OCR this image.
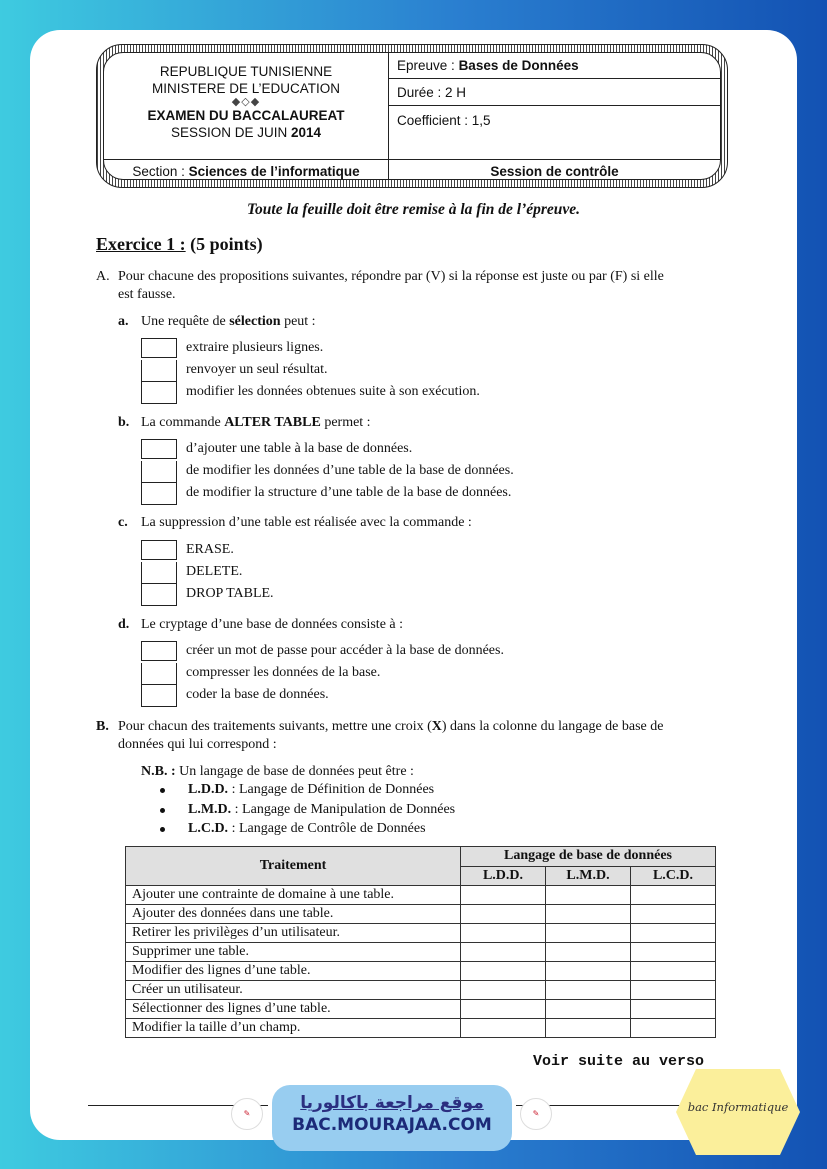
REPUBLIQUE TUNISIENNE
MINISTERE DE L’EDUCATION
◆◇◆
EXAMEN DU BACCALAUREAT
SESSION DE JUIN 2014
Epreuve : Bases de Données
Durée : 2 H
Coefficient : 1,5
Section : Sciences de l’informatique	Session de contrôle
Toute la feuille doit être remise à la fin de l’épreuve.
Exercice 1 : (5 points)
A. Pour chacune des propositions suivantes, répondre par (V) si la réponse est juste ou par (F) si elle
est fausse.
a. Une requête de sélection peut :
extraire plusieurs lignes.
renvoyer un seul résultat.
modifier les données obtenues suite à son exécution.
b. La commande ALTER TABLE permet :
d’ajouter une table à la base de données.
de modifier les données d’une table de la base de données.
de modifier la structure d’une table de la base de données.
c. La suppression d’une table est réalisée avec la commande :
ERASE.
DELETE.
DROP TABLE.
d. Le cryptage d’une base de données consiste à :
créer un mot de passe pour accéder à la base de données.
compresser les données de la base.
coder la base de données.
B. Pour chacun des traitements suivants, mettre une croix (X) dans la colonne du langage de base de
données qui lui correspond :
N.B. : Un langage de base de données peut être :
L.D.D. : Langage de Définition de Données
L.M.D. : Langage de Manipulation de Données
L.C.D. : Langage de Contrôle de Données
Traitement	Langage de base de données		
	L.D.D.	L.M.D.	L.C.D.
Ajouter une contrainte de domaine à une table.			
Ajouter des données dans une table.			
Retirer les privilèges d’un utilisateur.			
Supprimer une table.			
Modifier des lignes d’une table.			
Créer un utilisateur.			
Sélectionner des lignes d’une table.			
Modifier la taille d’un champ.			
Voir suite au verso
✎	✎
موقع مراجعة باكالوريا
BAC.MOURAJAA.COM
bac Informatique
